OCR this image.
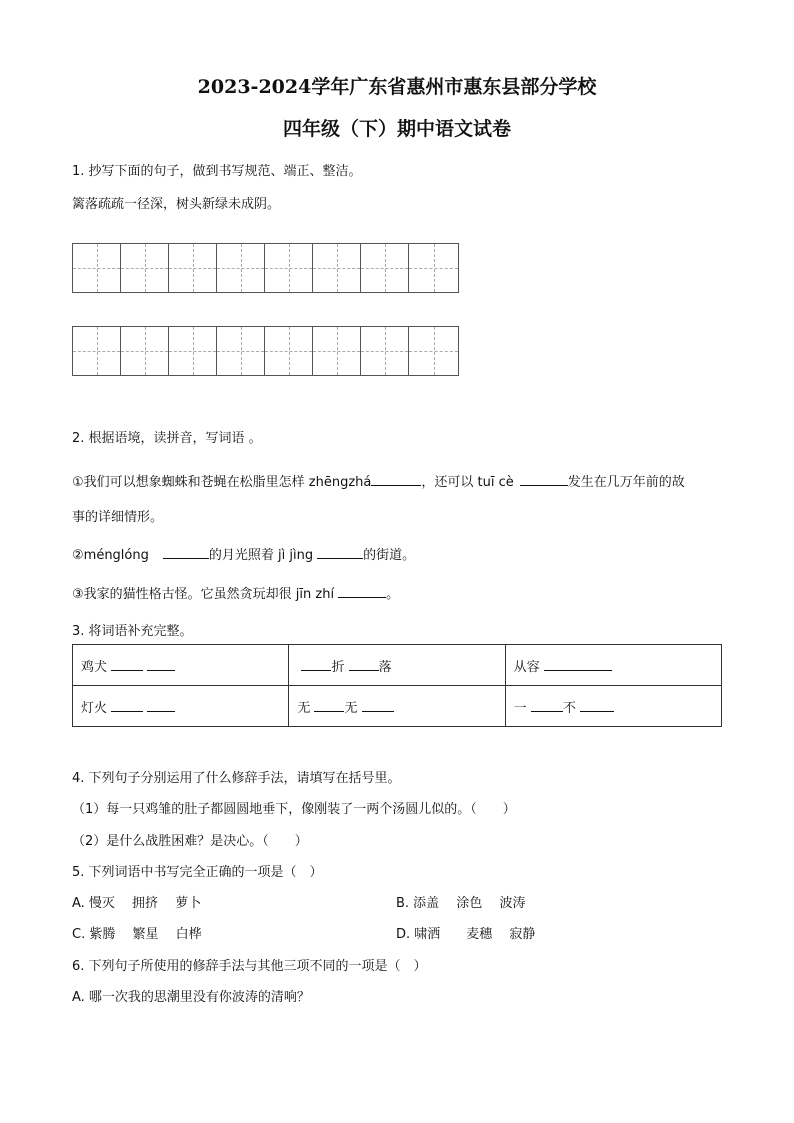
2023-2024学年广东省惠州市惠东县部分学校
四年级（下）期中语文试卷
1. 抄写下面的句子，做到书写规范、端正、整洁。
篱落疏疏一径深，树头新绿未成阴。
2. 根据语境，读拼音，写词语 。
①我们可以想象蜘蛛和苍蝇在松脂里怎样 zhēngzhá	，还可以 tuī cè	发生在几万年前的故
事的详细情形。
②ménglóng	的月光照着 jì jìng	的街道。
③我家的猫性格古怪。它虽然贪玩却很 jīn zhí	。
3. 将词语补充完整。
鸡犬	折 落	从容
灯火	无 无	一 不
4. 下列句子分别运用了什么修辞手法，请填写在括号里。
（1）每一只鸡雏的肚子都圆圆地垂下，像刚装了一两个汤圆儿似的。（　　）
（2）是什么战胜困难？是决心。（　　）
5. 下列词语中书写完全正确的一项是（　）
A. 慢灭　 拥挤　 萝卜	B. 添盖　 涂色　 波涛
C. 紫腾　 繁星　 白桦	D. 啸洒　　麦穗　 寂静
6. 下列句子所使用的修辞手法与其他三项不同的一项是（　）
A. 哪一次我的思潮里没有你波涛的清响？
